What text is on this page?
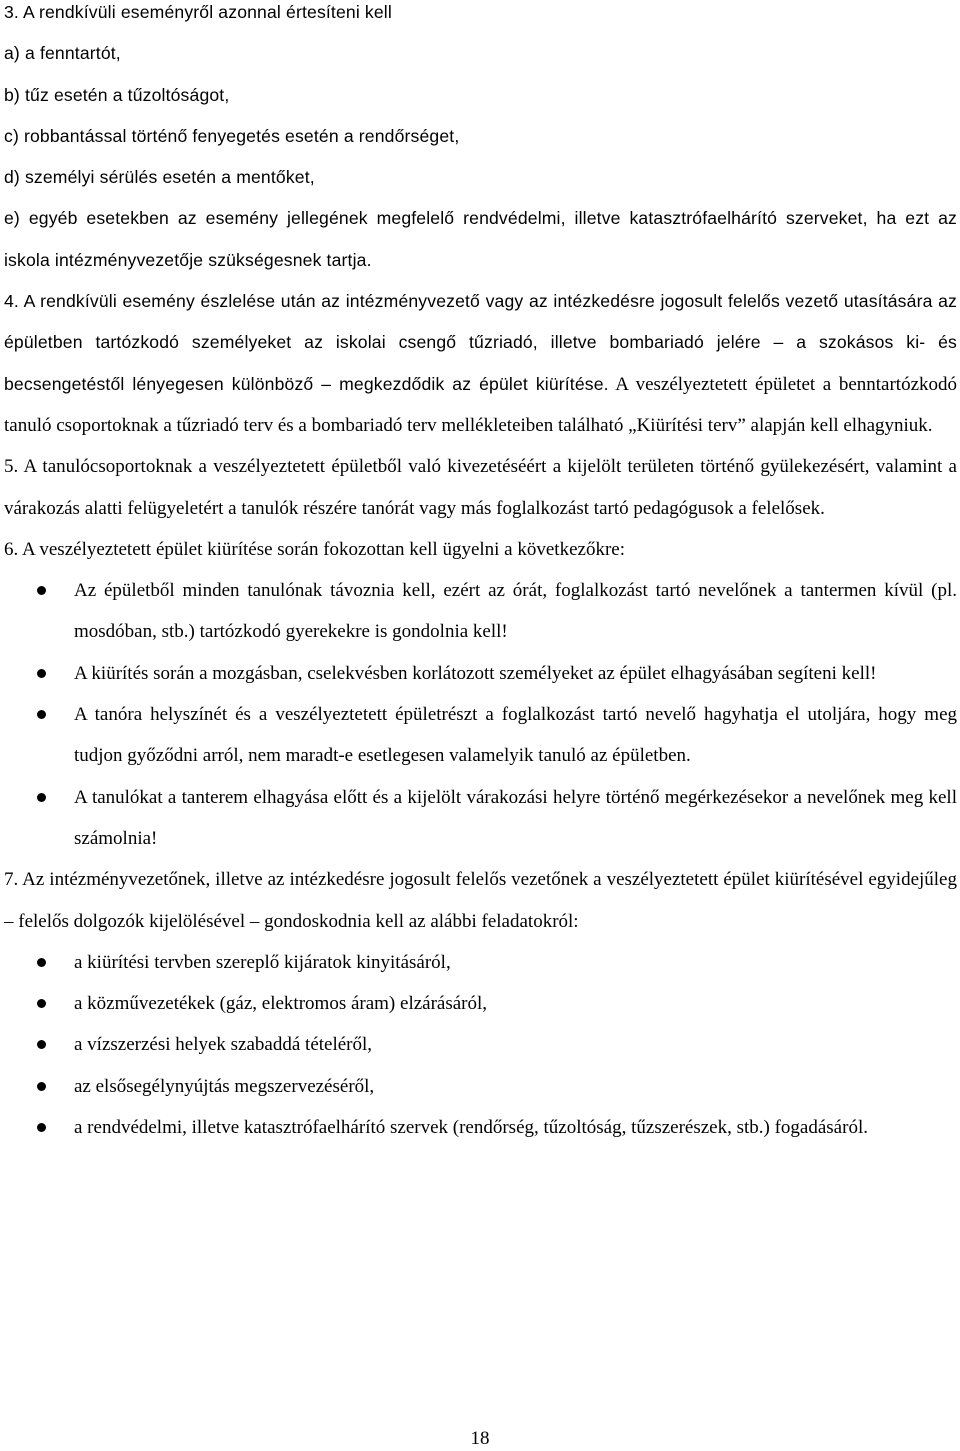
3. A rendkívüli eseményről azonnal értesíteni kell

a) a fenntartót,

b) tűz esetén a tűzoltóságot,

c) robbantással történő fenyegetés esetén a rendőrséget,

d) személyi sérülés esetén a mentőket,

e) egyéb esetekben az esemény jellegének megfelelő rendvédelmi, illetve katasztrófaelhárító szerveket, ha ezt az iskola intézményvezetője szükségesnek tartja.

4. A rendkívüli esemény észlelése után az intézményvezető vagy az intézkedésre jogosult felelős vezető utasítására az épületben tartózkodó személyeket az iskolai csengő tűzriadó, illetve bombariadó jelére – a szokásos ki- és becsengetéstől lényegesen különböző – megkezdődik az épület kiürítése. A veszélyeztetett épületet a benntartózkodó tanuló csoportoknak a tűzriadó terv és a bombariadó terv mellékleteiben található „Kiürítési terv” alapján kell elhagyniuk.

5. A tanulócsoportoknak a veszélyeztetett épületből való kivezetéséért a kijelölt területen történő gyülekezésért, valamint a várakozás alatti felügyeletért a tanulók részére tanórát vagy más foglalkozást tartó pedagógusok a felelősek.

6. A veszélyeztetett épület kiürítése során fokozottan kell ügyelni a következőkre:

Az épületből minden tanulónak távoznia kell, ezért az órát, foglalkozást tartó nevelőnek a tantermen kívül (pl. mosdóban, stb.) tartózkodó gyerekekre is gondolnia kell!
A kiürítés során a mozgásban, cselekvésben korlátozott személyeket az épület elhagyásában segíteni kell!
A tanóra helyszínét és a veszélyeztetett épületrészt a foglalkozást tartó nevelő hagyhatja el utoljára, hogy meg tudjon győződni arról, nem maradt-e esetlegesen valamelyik tanuló az épületben.
A tanulókat a tanterem elhagyása előtt és a kijelölt várakozási helyre történő megérkezésekor a nevelőnek meg kell számolnia!

7. Az intézményvezetőnek, illetve az intézkedésre jogosult felelős vezetőnek a veszélyeztetett épület kiürítésével egyidejűleg – felelős dolgozók kijelölésével – gondoskodnia kell az alábbi feladatokról:

a kiürítési tervben szereplő kijáratok kinyitásáról,
a közművezetékek (gáz, elektromos áram) elzárásáról,
a vízszerzési helyek szabaddá tételéről,
az elsősegélynyújtás megszervezéséről,
a rendvédelmi, illetve katasztrófaelhárító szervek (rendőrség, tűzoltóság, tűzszerészek, stb.) fogadásáról.
18
